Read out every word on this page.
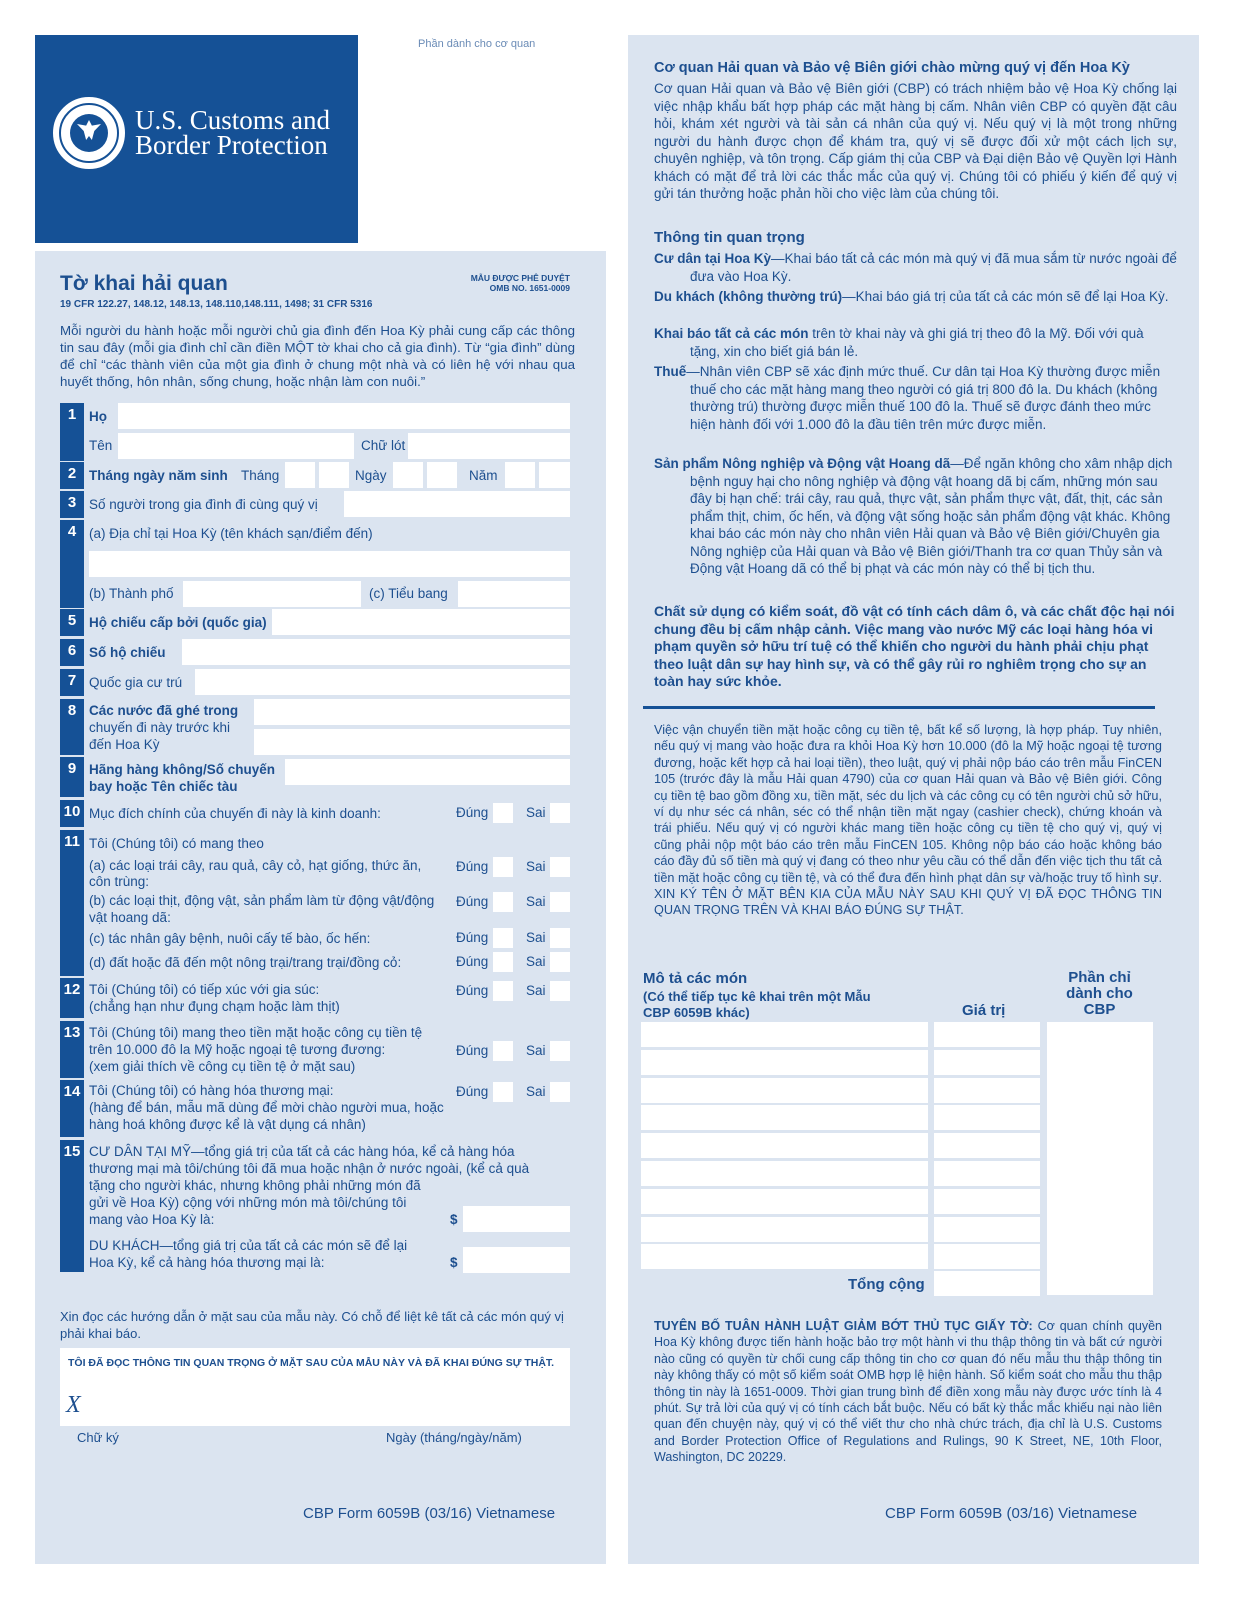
U.S. Customs and
Border Protection
Phần dành cho cơ quan
Tờ khai hải quan
19 CFR 122.27, 148.12, 148.13, 148.110,148.111, 1498; 31 CFR 5316
MẪU ĐƯỢC PHÊ DUYỆT
OMB NO. 1651-0009
Mỗi người du hành hoặc mỗi người chủ gia đình đến Hoa Kỳ phải cung cấp các thông tin sau đây (mỗi gia đình chỉ cần điền MỘT tờ khai cho cả gia đình). Từ “gia đình” dùng để chỉ “các thành viên của một gia đình ở chung một nhà và có liên hệ với nhau qua huyết thống, hôn nhân, sống chung, hoặc nhận làm con nuôi.”
1 Họ
Tên	Chữ lót
2 Tháng ngày năm sinh Tháng	Ngày	Năm
3 Số người trong gia đình đi cùng quý vị
4 (a) Địa chỉ tại Hoa Kỳ (tên khách sạn/điểm đến)
(b) Thành phố	(c) Tiểu bang
5 Hộ chiếu cấp bởi (quốc gia)
6 Số hộ chiếu
7 Quốc gia cư trú
8 Các nước đã ghé trong
chuyến đi này trước khi
đến Hoa Kỳ
9 Hãng hàng không/Số chuyến
bay hoặc Tên chiếc tàu
10 Mục đích chính của chuyến đi này là kinh doanh:	Đúng	Sai
11 Tôi (Chúng tôi) có mang theo
(a) các loại trái cây, rau quả, cây cỏ, hạt giống, thức ăn,
côn trùng:
Đúng	Sai
(b) các loại thịt, động vật, sản phẩm làm từ động vật/động
vật hoang dã:
Đúng	Sai
(c) tác nhân gây bệnh, nuôi cấy tế bào, ốc hến:	Đúng	Sai
(d) đất hoặc đã đến một nông trại/trang trại/đồng cỏ:	Đúng	Sai
12 Tôi (Chúng tôi) có tiếp xúc với gia súc:
(chẳng hạn như đụng chạm hoặc làm thịt)
Đúng	Sai
13 Tôi (Chúng tôi) mang theo tiền mặt hoặc công cụ tiền tệ
trên 10.000 đô la Mỹ hoặc ngoại tệ tương đương:
(xem giải thích về công cụ tiền tệ ở mặt sau)
Đúng	Sai
14 Tôi (Chúng tôi) có hàng hóa thương mại:
(hàng để bán, mẫu mã dùng để mời chào người mua, hoặc
hàng hoá không được kể là vật dụng cá nhân)
Đúng	Sai
15 CƯ DÂN TẠI MỸ—tổng giá trị của tất cả các hàng hóa, kể cả hàng hóa
thương mại mà tôi/chúng tôi đã mua hoặc nhận ở nước ngoài, (kể cả quà
tặng cho người khác, nhưng không phải những món đã
gửi về Hoa Kỳ) cộng với những món mà tôi/chúng tôi
mang vào Hoa Kỳ là:	$
DU KHÁCH—tổng giá trị của tất cả các món sẽ để lại
Hoa Kỳ, kể cả hàng hóa thương mại là:	$
Xin đọc các hướng dẫn ở mặt sau của mẫu này. Có chỗ để liệt kê tất cả các món quý vị phải khai báo.
TÔI ĐÃ ĐỌC THÔNG TIN QUAN TRỌNG Ở MẶT SAU CỦA MẪU NÀY VÀ ĐÃ KHAI ĐÚNG SỰ THẬT.
X
Chữ ký	Ngày (tháng/ngày/năm)
CBP Form 6059B (03/16) Vietnamese
Cơ quan Hải quan và Bảo vệ Biên giới chào mừng quý vị đến Hoa Kỳ
Cơ quan Hải quan và Bảo vệ Biên giới (CBP) có trách nhiệm bảo vệ Hoa Kỳ chống lại việc nhập khẩu bất hợp pháp các mặt hàng bị cấm. Nhân viên CBP có quyền đặt câu hỏi, khám xét người và tài sản cá nhân của quý vị. Nếu quý vị là một trong những người du hành được chọn để khám tra, quý vị sẽ được đối xử một cách lịch sự, chuyên nghiệp, và tôn trọng. Cấp giám thị của CBP và Đại diện Bảo vệ Quyền lợi Hành khách có mặt để trả lời các thắc mắc của quý vị. Chúng tôi có phiếu ý kiến để quý vị gửi tán thưởng hoặc phản hồi cho việc làm của chúng tôi.
Thông tin quan trọng
Cư dân tại Hoa Kỳ—Khai báo tất cả các món mà quý vị đã mua sắm từ nước ngoài để đưa vào Hoa Kỳ.
Du khách (không thường trú)—Khai báo giá trị của tất cả các món sẽ để lại Hoa Kỳ.
Khai báo tất cả các món trên tờ khai này và ghi giá trị theo đô la Mỹ. Đối với quà tặng, xin cho biết giá bán lẻ.
Thuế—Nhân viên CBP sẽ xác định mức thuế. Cư dân tại Hoa Kỳ thường được miễn thuế cho các mặt hàng mang theo người có giá trị 800 đô la. Du khách (không thường trú) thường được miễn thuế 100 đô la. Thuế sẽ được đánh theo mức hiện hành đối với 1.000 đô la đầu tiên trên mức được miễn.
Sản phẩm Nông nghiệp và Động vật Hoang dã—Để ngăn không cho xâm nhập dịch bệnh nguy hại cho nông nghiệp và động vật hoang dã bị cấm, những món sau đây bị hạn chế: trái cây, rau quả, thực vật, sản phẩm thực vật, đất, thịt, các sản phẩm thịt, chim, ốc hến, và động vật sống hoặc sản phẩm động vật khác. Không khai báo các món này cho nhân viên Hải quan và Bảo vệ Biên giới/Chuyên gia Nông nghiệp của Hải quan và Bảo vệ Biên giới/Thanh tra cơ quan Thủy sản và Động vật Hoang dã có thể bị phạt và các món này có thể bị tịch thu.
Chất sử dụng có kiểm soát, đồ vật có tính cách dâm ô, và các chất độc hại nói chung đều bị cấm nhập cảnh. Việc mang vào nước Mỹ các loại hàng hóa vi phạm quyền sở hữu trí tuệ có thể khiến cho người du hành phải chịu phạt theo luật dân sự hay hình sự, và có thể gây rủi ro nghiêm trọng cho sự an toàn hay sức khỏe.
Việc vận chuyển tiền mặt hoặc công cụ tiền tệ, bất kể số lượng, là hợp pháp. Tuy nhiên, nếu quý vị mang vào hoặc đưa ra khỏi Hoa Kỳ hơn 10.000 (đô la Mỹ hoặc ngoại tệ tương đương, hoặc kết hợp cả hai loại tiền), theo luật, quý vị phải nộp báo cáo trên mẫu FinCEN 105 (trước đây là mẫu Hải quan 4790) của cơ quan Hải quan và Bảo vệ Biên giới. Công cụ tiền tệ bao gồm đồng xu, tiền mặt, séc du lịch và các công cụ có tên người chủ sở hữu, ví dụ như séc cá nhân, séc có thể nhận tiền mặt ngay (cashier check), chứng khoán và trái phiếu. Nếu quý vị có người khác mang tiền hoặc công cụ tiền tệ cho quý vị, quý vị cũng phải nộp một báo cáo trên mẫu FinCEN 105. Không nộp báo cáo hoặc không báo cáo đầy đủ số tiền mà quý vị đang có theo như yêu cầu có thể dẫn đến việc tịch thu tất cả tiền mặt hoặc công cụ tiền tệ, và có thể đưa đến hình phạt dân sự và/hoặc truy tố hình sự. XIN KÝ TÊN Ở MẶT BÊN KIA CỦA MẪU NÀY SAU KHI QUÝ VỊ ĐÃ ĐỌC THÔNG TIN QUAN TRỌNG TRÊN VÀ KHAI BÁO ĐÚNG SỰ THẬT.
Mô tả các món
(Có thể tiếp tục kê khai trên một Mẫu
CBP 6059B khác)	Giá trị
Phần chỉ
dành cho
CBP
Tổng cộng
TUYÊN BỐ TUÂN HÀNH LUẬT GIẢM BỚT THỦ TỤC GIẤY TỜ: Cơ quan chính quyền Hoa Kỳ không được tiến hành hoặc bảo trợ một hành vi thu thập thông tin và bất cứ người nào cũng có quyền từ chối cung cấp thông tin cho cơ quan đó nếu mẫu thu thập thông tin này không thấy có một số kiểm soát OMB hợp lệ hiện hành. Số kiểm soát cho mẫu thu thập thông tin này là 1651-0009. Thời gian trung bình để điền xong mẫu này được ước tính là 4 phút. Sự trả lời của quý vị có tính cách bắt buộc. Nếu có bất kỳ thắc mắc khiếu nại nào liên quan đến chuyện này, quý vị có thể viết thư cho nhà chức trách, địa chỉ là U.S. Customs and Border Protection Office of Regulations and Rulings, 90 K Street, NE, 10th Floor, Washington, DC 20229.
CBP Form 6059B (03/16) Vietnamese
